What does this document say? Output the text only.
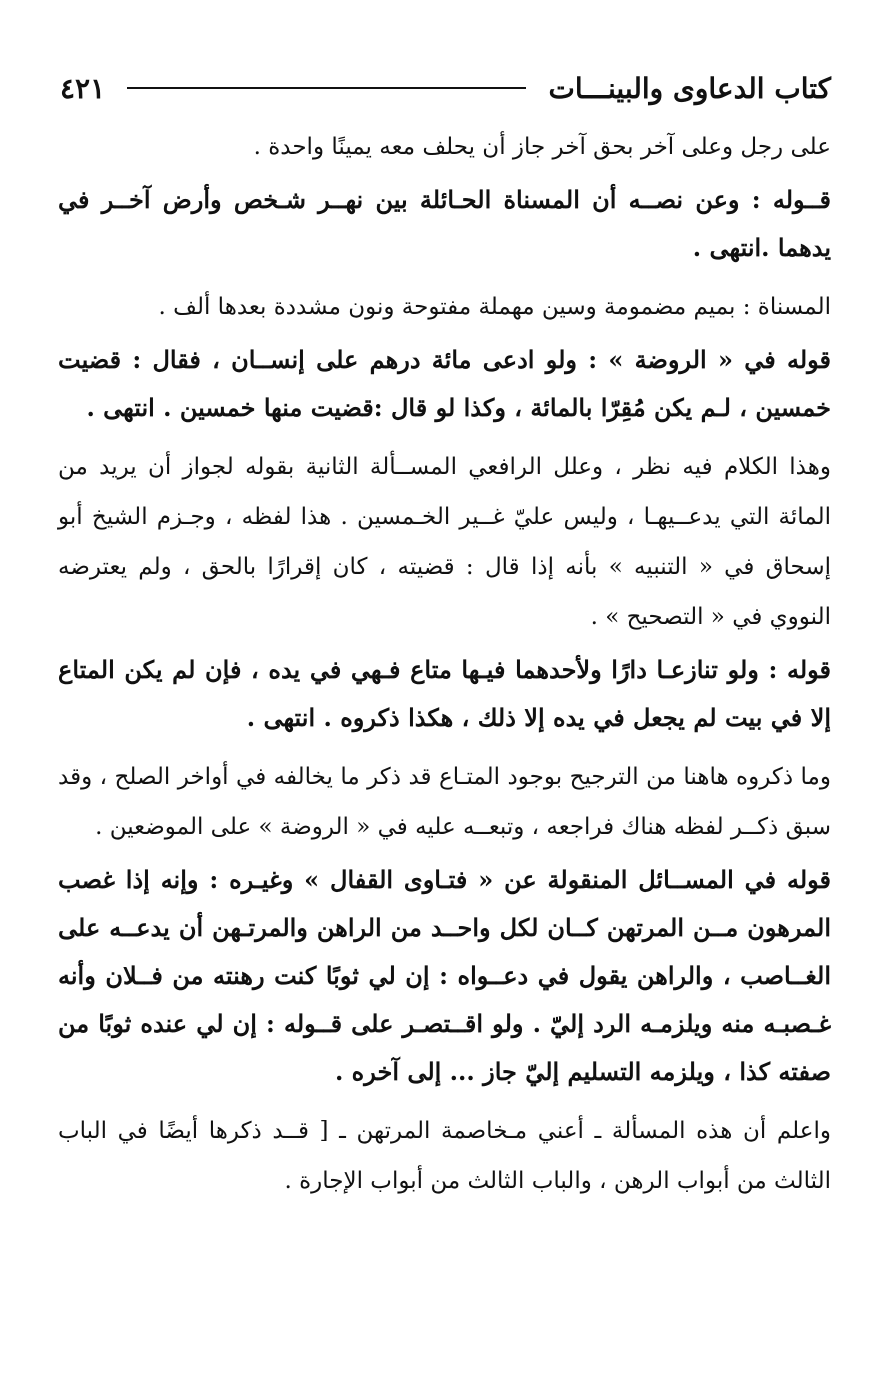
كتاب الدعاوى والبينـــات
٤٢١

على رجل وعلى آخر بحق آخر جاز أن يحلف معه يمينًا واحدة .

قــوله : وعن نصــه أن المسناة الحـائلة بين نهــر شـخص وأرض آخــر في يدهما .انتهى .

المسناة : بميم مضمومة وسين مهملة مفتوحة ونون مشددة بعدها ألف .

قوله في « الروضة » : ولو ادعى مائة درهم على إنســان ، فقال : قضيت خمسين ، لـم يكن مُقِرّا بالمائة ، وكذا لو قال :قضيت منها خمسين . انتهى .

وهذا الكلام فيه نظر ، وعلل الرافعي المســألة الثانية بقوله لجواز أن يريد من المائة التي يدعــيهـا ، وليس عليّ غــير الخـمسين . هذا لفظه ، وجـزم الشيخ أبو إسحاق في « التنبيه » بأنه إذا قال : قضيته ، كان إقرارًا بالحق ، ولم يعترضه النووي في « التصحيح » .

قوله : ولو تنازعـا دارًا ولأحدهما فيـها متاع فـهي في يده ، فإن لم يكن المتاع إلا في بيت لم يجعل في يده إلا ذلك ، هكذا ذكروه . انتهى .

وما ذكروه هاهنا من الترجيح بوجود المتـاع قد ذكر ما يخالفه في أواخر الصلح ، وقد سبق ذكــر لفظه هناك فراجعه ، وتبعــه عليه في « الروضة » على الموضعين .

قوله في المســائل المنقولة عن « فتـاوى القفال » وغيـره : وإنه إذا غصب المرهون مــن المرتهن كــان لكل واحــد من الراهن والمرتـهن أن يدعــه على الغــاصب ، والراهن يقول في دعــواه : إن لي ثوبًا كنت رهنته من فــلان وأنه غـصبـه منه ويلزمـه الرد إليّ . ولو اقــتصـر على قــوله : إن لي عنده ثوبًا من صفته كذا ، ويلزمه التسليم إليّ جاز ... إلى آخره .

واعلم أن هذه المسألة ـ أعني مـخاصمة المرتهن ـ [ قــد ذكرها أيضًا في الباب الثالث من أبواب الرهن ، والباب الثالث من أبواب الإجارة .
